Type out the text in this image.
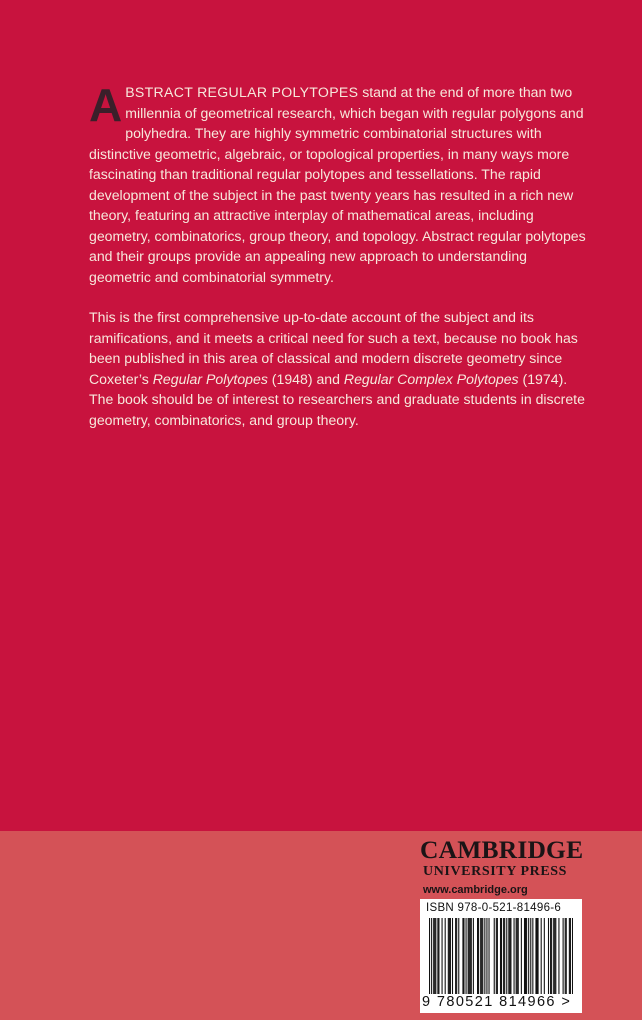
ABSTRACT REGULAR POLYTOPES stand at the end of more than two millennia of geometrical research, which began with regular polygons and polyhedra. They are highly symmetric combinatorial structures with distinctive geometric, algebraic, or topological properties, in many ways more fascinating than traditional regular polytopes and tessellations. The rapid development of the subject in the past twenty years has resulted in a rich new theory, featuring an attractive interplay of mathematical areas, including geometry, combinatorics, group theory, and topology. Abstract regular polytopes and their groups provide an appealing new approach to understanding geometric and combinatorial symmetry.

This is the first comprehensive up-to-date account of the subject and its ramifications, and it meets a critical need for such a text, because no book has been published in this area of classical and modern discrete geometry since Coxeter’s Regular Polytopes (1948) and Regular Complex Polytopes (1974). The book should be of interest to researchers and graduate students in discrete geometry, combinatorics, and group theory.

CAMBRIDGE
UNIVERSITY PRESS
www.cambridge.org
ISBN 978-0-521-81496-6
9 780521 814966 >
